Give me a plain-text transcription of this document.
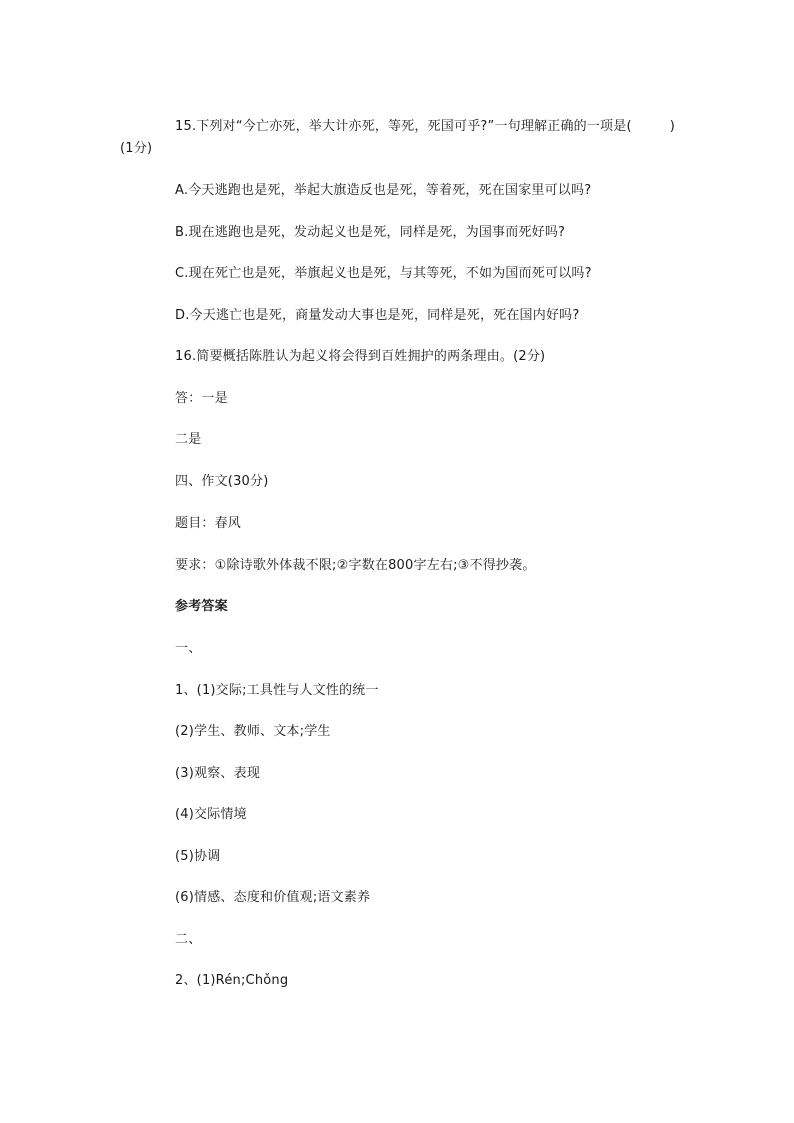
15.下列对“今亡亦死，举大计亦死，等死，死国可乎?”一句理解正确的一项是(	)
(1分)
A.今天逃跑也是死，举起大旗造反也是死，等着死，死在国家里可以吗?
B.现在逃跑也是死，发动起义也是死，同样是死，为国事而死好吗?
C.现在死亡也是死，举旗起义也是死，与其等死，不如为国而死可以吗?
D.今天逃亡也是死，商量发动大事也是死，同样是死，死在国内好吗?
16.简要概括陈胜认为起义将会得到百姓拥护的两条理由。(2分)
答：一是
二是
四、作文(30分)
题目：春风
要求：①除诗歌外体裁不限;②字数在800字左右;③不得抄袭。
参考答案
一、
1、(1)交际;工具性与人文性的统一
(2)学生、教师、文本;学生
(3)观察、表现
(4)交际情境
(5)协调
(6)情感、态度和价值观;语文素养
二、
2、(1)Rén;Chǒng
